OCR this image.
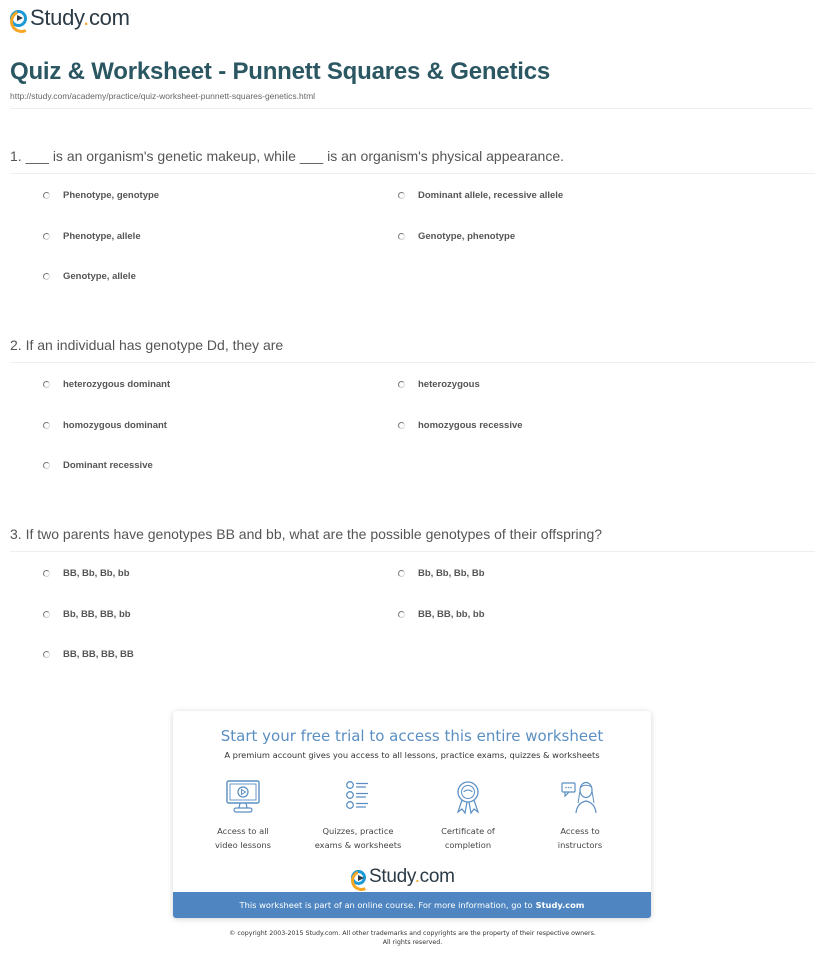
Study.com·
Quiz & Worksheet - Punnett Squares & Genetics
http://study.com/academy/practice/quiz-worksheet-punnett-squares-genetics.html
1. ___ is an organism's genetic makeup, while ___ is an organism's physical appearance.
Phenotype, genotype	Dominant allele, recessive allele
Phenotype, allele	Genotype, phenotype
Genotype, allele
2. If an individual has genotype Dd, they are
heterozygous dominant	heterozygous
homozygous dominant	homozygous recessive
Dominant recessive
3. If two parents have genotypes BB and bb, what are the possible genotypes of their offspring?
BB, Bb, Bb, bb	Bb, Bb, Bb, Bb
Bb, BB, BB, bb	BB, BB, bb, bb
BB, BB, BB, BB
Start your free trial to access this entire worksheet
A premium account gives you access to all lessons, practice exams, quizzes & worksheets
Access to all
video lessons
Quizzes, practice
exams & worksheets
Certificate of
completion
Access to
instructors
Study.com·
This worksheet is part of an online course. For more information, go to Study.com
© copyright 2003-2015 Study.com. All other trademarks and copyrights are the property of their respective owners.
All rights reserved.
